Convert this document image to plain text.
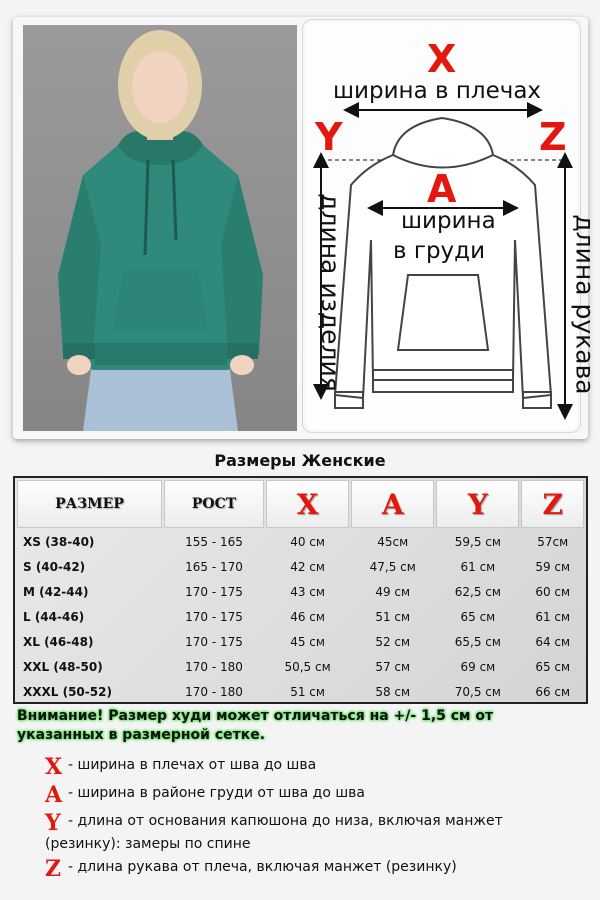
X
ширина в плечах
Y	Z
A
ширина
в груди
длина изделия	длина рукава
Размеры Женские
РАЗМЕР	РОСТ	X	A	Y	Z
XS (38-40)	155 - 165	40 см	45см	59,5 см	57см
S (40-42)	165 - 170	42 см	47,5 см	61 см	59 см
M (42-44)	170 - 175	43 см	49 см	62,5 см	60 см
L (44-46)	170 - 175	46 см	51 см	65 см	61 см
XL (46-48)	170 - 175	45 см	52 см	65,5 см	64 см
XXL (48-50)	170 - 180	50,5 см	57 см	69 см	65 см
XXXL (50-52)	170 - 180	51 см	58 см	70,5 см	66 см
Внимание! Размер худи может отличаться на +/- 1,5 см от указанных в размерной сетке.
X - ширина в плечах от шва до шва
A - ширина в районе груди от шва до шва
Y - длина от основания капюшона до низа, включая манжет
(резинку): замеры по спине
Z - длина рукава от плеча, включая манжет (резинку)
